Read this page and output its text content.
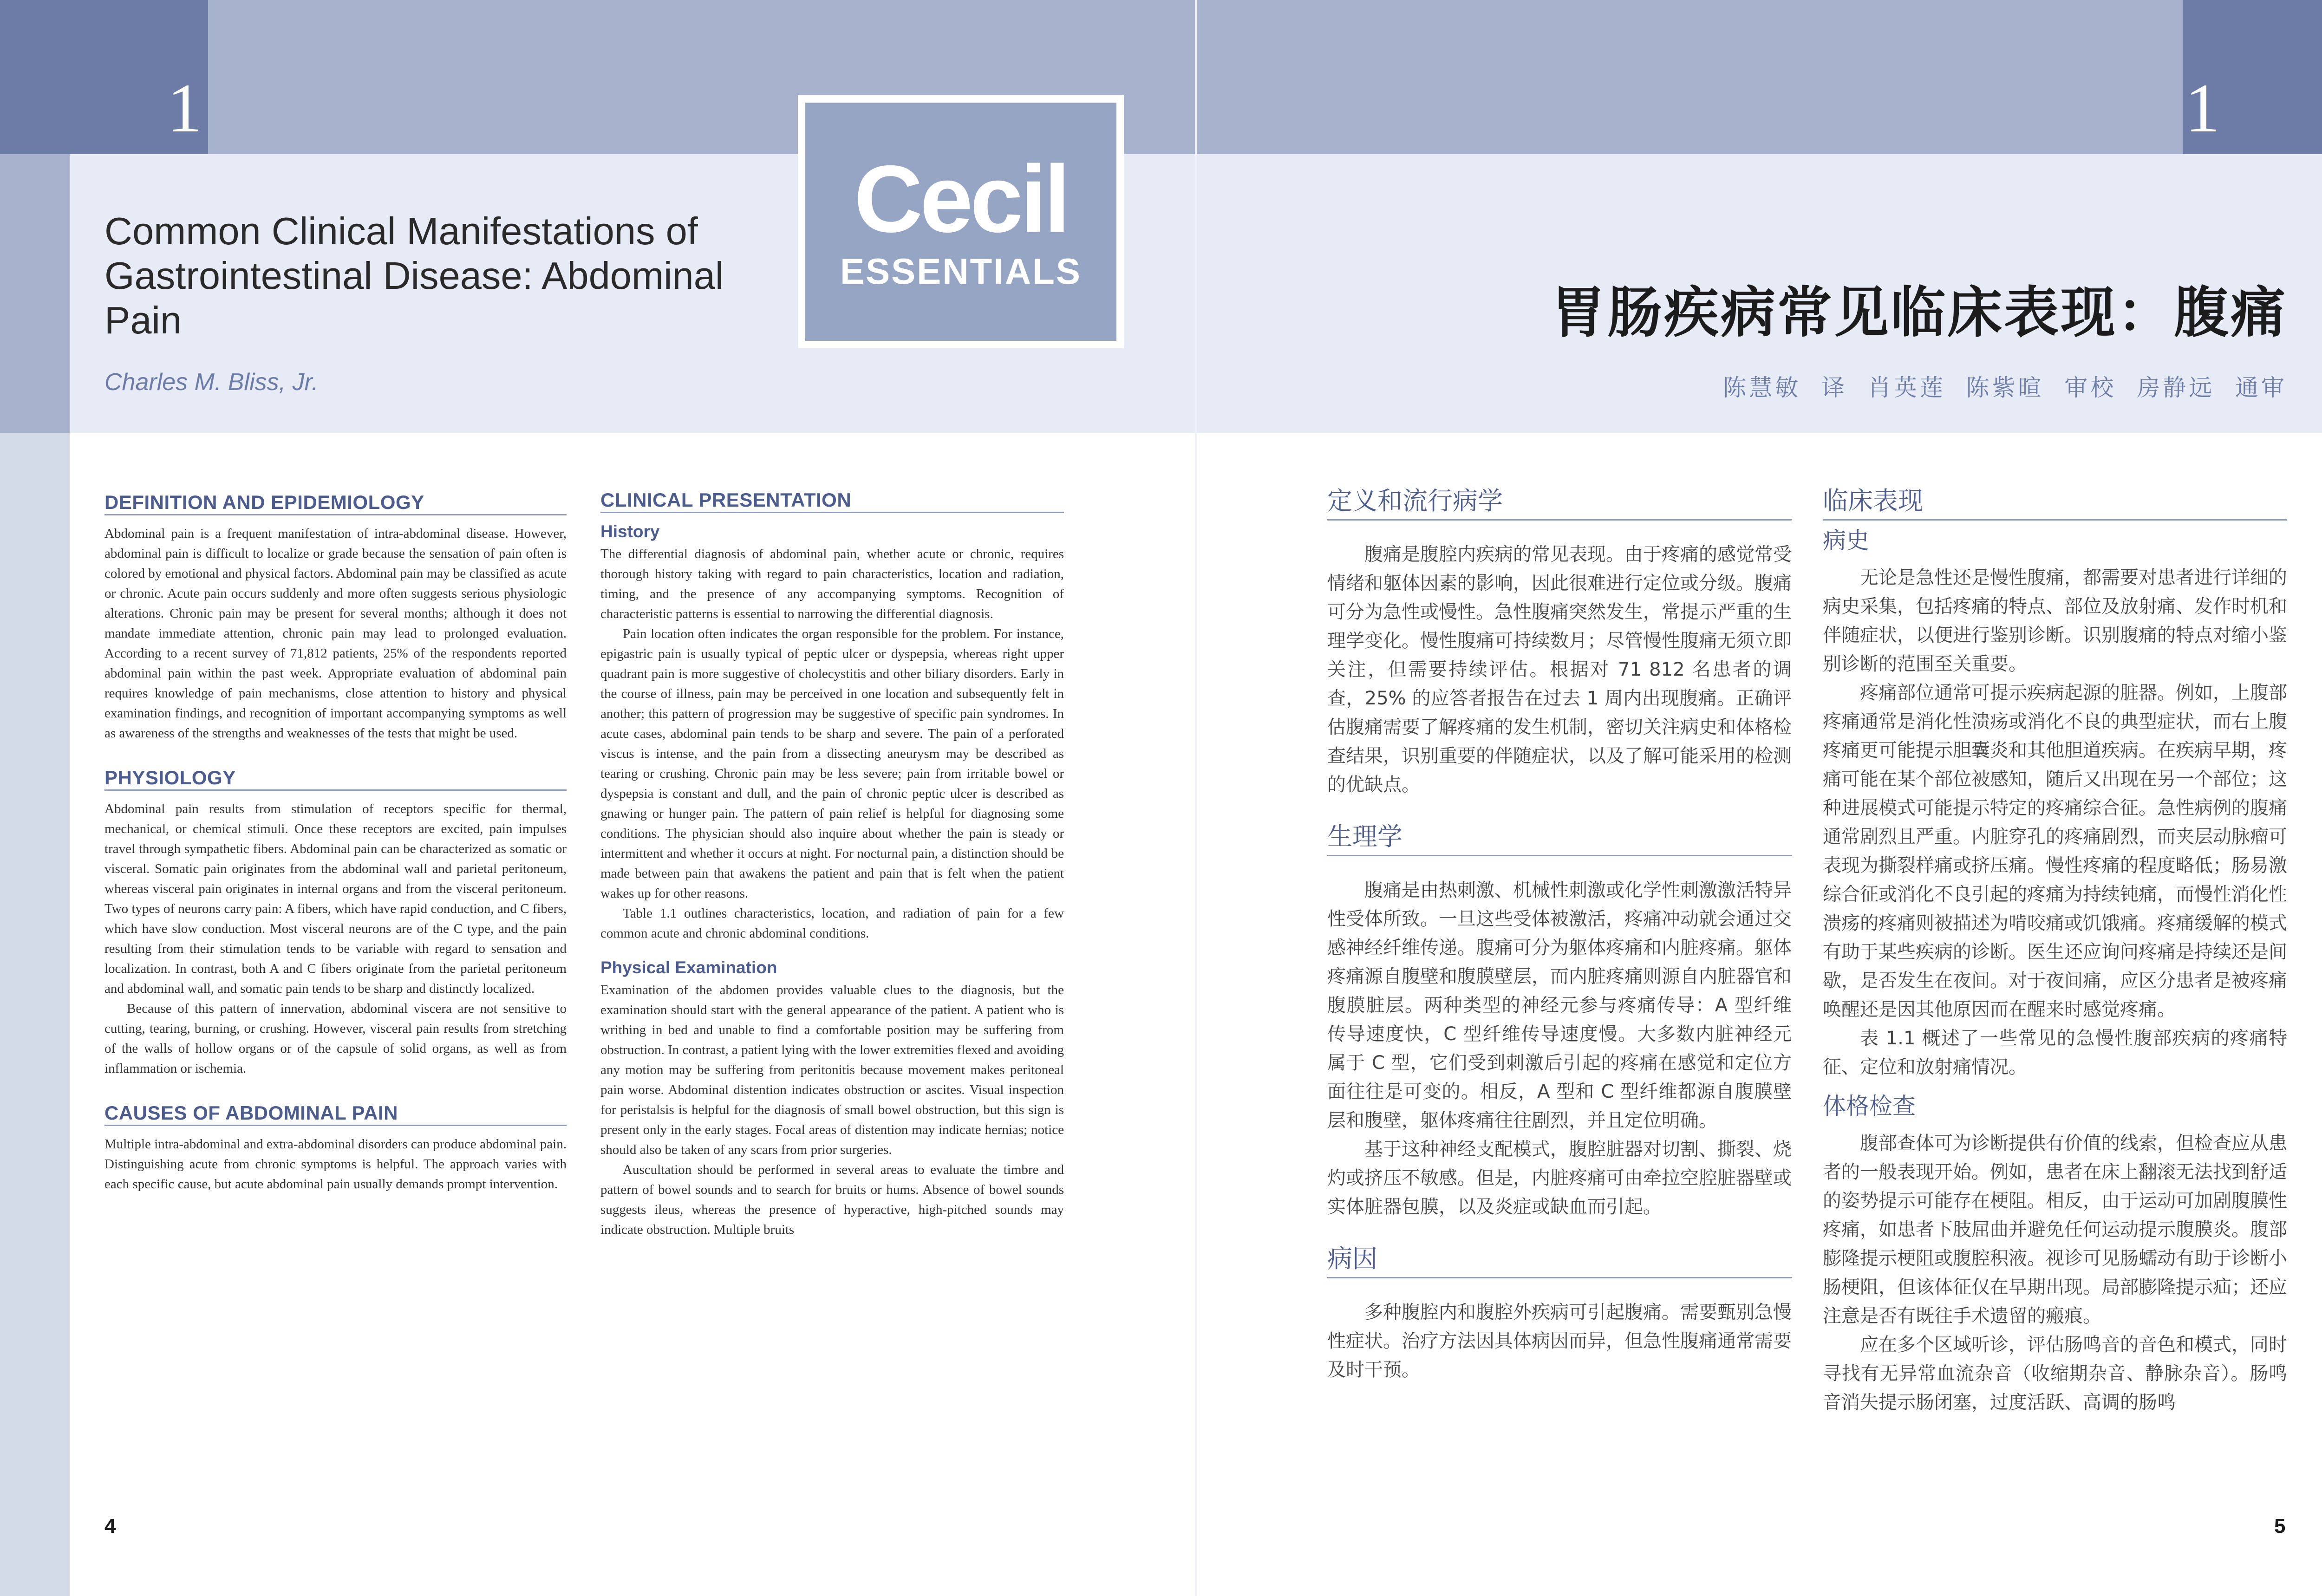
1	1
Cecil
ESSENTIALS
Common Clinical Manifestations of Gastrointestinal Disease: Abdominal Pain
Charles M. Bliss, Jr.
胃肠疾病常见临床表现：腹痛
陈慧敏  译  肖英莲  陈紫暄  审校  房静远  通审
DEFINITION AND EPIDEMIOLOGY

Abdominal pain is a frequent manifestation of intra-abdominal disease. However, abdominal pain is difficult to localize or grade because the sensation of pain often is colored by emotional and physical factors. Abdominal pain may be classified as acute or chronic. Acute pain occurs suddenly and more often suggests serious physiologic alterations. Chronic pain may be present for several months; although it does not mandate immediate attention, chronic pain may lead to prolonged evaluation. According to a recent survey of 71,812 patients, 25% of the respondents reported abdominal pain within the past week. Appropriate evaluation of abdominal pain requires knowledge of pain mechanisms, close attention to history and physical examination findings, and recognition of important accompanying symptoms as well as awareness of the strengths and weaknesses of the tests that might be used.

PHYSIOLOGY

Abdominal pain results from stimulation of receptors specific for thermal, mechanical, or chemical stimuli. Once these receptors are excited, pain impulses travel through sympathetic fibers. Abdominal pain can be characterized as somatic or visceral. Somatic pain originates from the abdominal wall and parietal peritoneum, whereas visceral pain originates in internal organs and from the visceral peritoneum. Two types of neurons carry pain: A fibers, which have rapid conduction, and C fibers, which have slow conduction. Most visceral neurons are of the C type, and the pain resulting from their stimulation tends to be variable with regard to sensation and localization. In contrast, both A and C fibers originate from the parietal peritoneum and abdominal wall, and somatic pain tends to be sharp and distinctly localized.

Because of this pattern of innervation, abdominal viscera are not sensitive to cutting, tearing, burning, or crushing. However, visceral pain results from stretching of the walls of hollow organs or of the capsule of solid organs, as well as from inflammation or ischemia.

CAUSES OF ABDOMINAL PAIN

Multiple intra-abdominal and extra-abdominal disorders can produce abdominal pain. Distinguishing acute from chronic symptoms is helpful. The approach varies with each specific cause, but acute abdominal pain usually demands prompt intervention.

CLINICAL PRESENTATION
History

The differential diagnosis of abdominal pain, whether acute or chronic, requires thorough history taking with regard to pain characteristics, location and radiation, timing, and the presence of any accompanying symptoms. Recognition of characteristic patterns is essential to narrowing the differential diagnosis.

Pain location often indicates the organ responsible for the problem. For instance, epigastric pain is usually typical of peptic ulcer or dyspepsia, whereas right upper quadrant pain is more suggestive of cholecystitis and other biliary disorders. Early in the course of illness, pain may be perceived in one location and subsequently felt in another; this pattern of progression may be suggestive of specific pain syndromes. In acute cases, abdominal pain tends to be sharp and severe. The pain of a perforated viscus is intense, and the pain from a dissecting aneurysm may be described as tearing or crushing. Chronic pain may be less severe; pain from irritable bowel or dyspepsia is constant and dull, and the pain of chronic peptic ulcer is described as gnawing or hunger pain. The pattern of pain relief is helpful for diagnosing some conditions. The physician should also inquire about whether the pain is steady or intermittent and whether it occurs at night. For nocturnal pain, a distinction should be made between pain that awakens the patient and pain that is felt when the patient wakes up for other reasons.

Table 1.1 outlines characteristics, location, and radiation of pain for a few common acute and chronic abdominal conditions.

Physical Examination

Examination of the abdomen provides valuable clues to the diagnosis, but the examination should start with the general appearance of the patient. A patient who is writhing in bed and unable to find a comfortable position may be suffering from obstruction. In contrast, a patient lying with the lower extremities flexed and avoiding any motion may be suffering from peritonitis because movement makes peritoneal pain worse. Abdominal distention indicates obstruction or ascites. Visual inspection for peristalsis is helpful for the diagnosis of small bowel obstruction, but this sign is present only in the early stages. Focal areas of distention may indicate hernias; notice should also be taken of any scars from prior surgeries.

Auscultation should be performed in several areas to evaluate the timbre and pattern of bowel sounds and to search for bruits or hums. Absence of bowel sounds suggests ileus, whereas the presence of hyperactive, high-pitched sounds may indicate obstruction. Multiple bruits

定义和流行病学

腹痛是腹腔内疾病的常见表现。由于疼痛的感觉常受情绪和躯体因素的影响，因此很难进行定位或分级。腹痛可分为急性或慢性。急性腹痛突然发生，常提示严重的生理学变化。慢性腹痛可持续数月；尽管慢性腹痛无须立即关注，但需要持续评估。根据对 71 812 名患者的调查，25% 的应答者报告在过去 1 周内出现腹痛。正确评估腹痛需要了解疼痛的发生机制，密切关注病史和体格检查结果，识别重要的伴随症状，以及了解可能采用的检测的优缺点。

生理学

腹痛是由热刺激、机械性刺激或化学性刺激激活特异性受体所致。一旦这些受体被激活，疼痛冲动就会通过交感神经纤维传递。腹痛可分为躯体疼痛和内脏疼痛。躯体疼痛源自腹壁和腹膜壁层，而内脏疼痛则源自内脏器官和腹膜脏层。两种类型的神经元参与疼痛传导：A 型纤维传导速度快，C 型纤维传导速度慢。大多数内脏神经元属于 C 型，它们受到刺激后引起的疼痛在感觉和定位方面往往是可变的。相反，A 型和 C 型纤维都源自腹膜壁层和腹壁，躯体疼痛往往剧烈，并且定位明确。

基于这种神经支配模式，腹腔脏器对切割、撕裂、烧灼或挤压不敏感。但是，内脏疼痛可由牵拉空腔脏器壁或实体脏器包膜，以及炎症或缺血而引起。

病因

多种腹腔内和腹腔外疾病可引起腹痛。需要甄别急慢性症状。治疗方法因具体病因而异，但急性腹痛通常需要及时干预。

临床表现
病史

无论是急性还是慢性腹痛，都需要对患者进行详细的病史采集，包括疼痛的特点、部位及放射痛、发作时机和伴随症状，以便进行鉴别诊断。识别腹痛的特点对缩小鉴别诊断的范围至关重要。

疼痛部位通常可提示疾病起源的脏器。例如，上腹部疼痛通常是消化性溃疡或消化不良的典型症状，而右上腹疼痛更可能提示胆囊炎和其他胆道疾病。在疾病早期，疼痛可能在某个部位被感知，随后又出现在另一个部位；这种进展模式可能提示特定的疼痛综合征。急性病例的腹痛通常剧烈且严重。内脏穿孔的疼痛剧烈，而夹层动脉瘤可表现为撕裂样痛或挤压痛。慢性疼痛的程度略低；肠易激综合征或消化不良引起的疼痛为持续钝痛，而慢性消化性溃疡的疼痛则被描述为啃咬痛或饥饿痛。疼痛缓解的模式有助于某些疾病的诊断。医生还应询问疼痛是持续还是间歇，是否发生在夜间。对于夜间痛，应区分患者是被疼痛唤醒还是因其他原因而在醒来时感觉疼痛。

表 1.1 概述了一些常见的急慢性腹部疾病的疼痛特征、定位和放射痛情况。

体格检查

腹部查体可为诊断提供有价值的线索，但检查应从患者的一般表现开始。例如，患者在床上翻滚无法找到舒适的姿势提示可能存在梗阻。相反，由于运动可加剧腹膜性疼痛，如患者下肢屈曲并避免任何运动提示腹膜炎。腹部膨隆提示梗阻或腹腔积液。视诊可见肠蠕动有助于诊断小肠梗阻，但该体征仅在早期出现。局部膨隆提示疝；还应注意是否有既往手术遗留的瘢痕。

应在多个区域听诊，评估肠鸣音的音色和模式，同时寻找有无异常血流杂音（收缩期杂音、静脉杂音）。肠鸣音消失提示肠闭塞，过度活跃、高调的肠鸣

4	5
